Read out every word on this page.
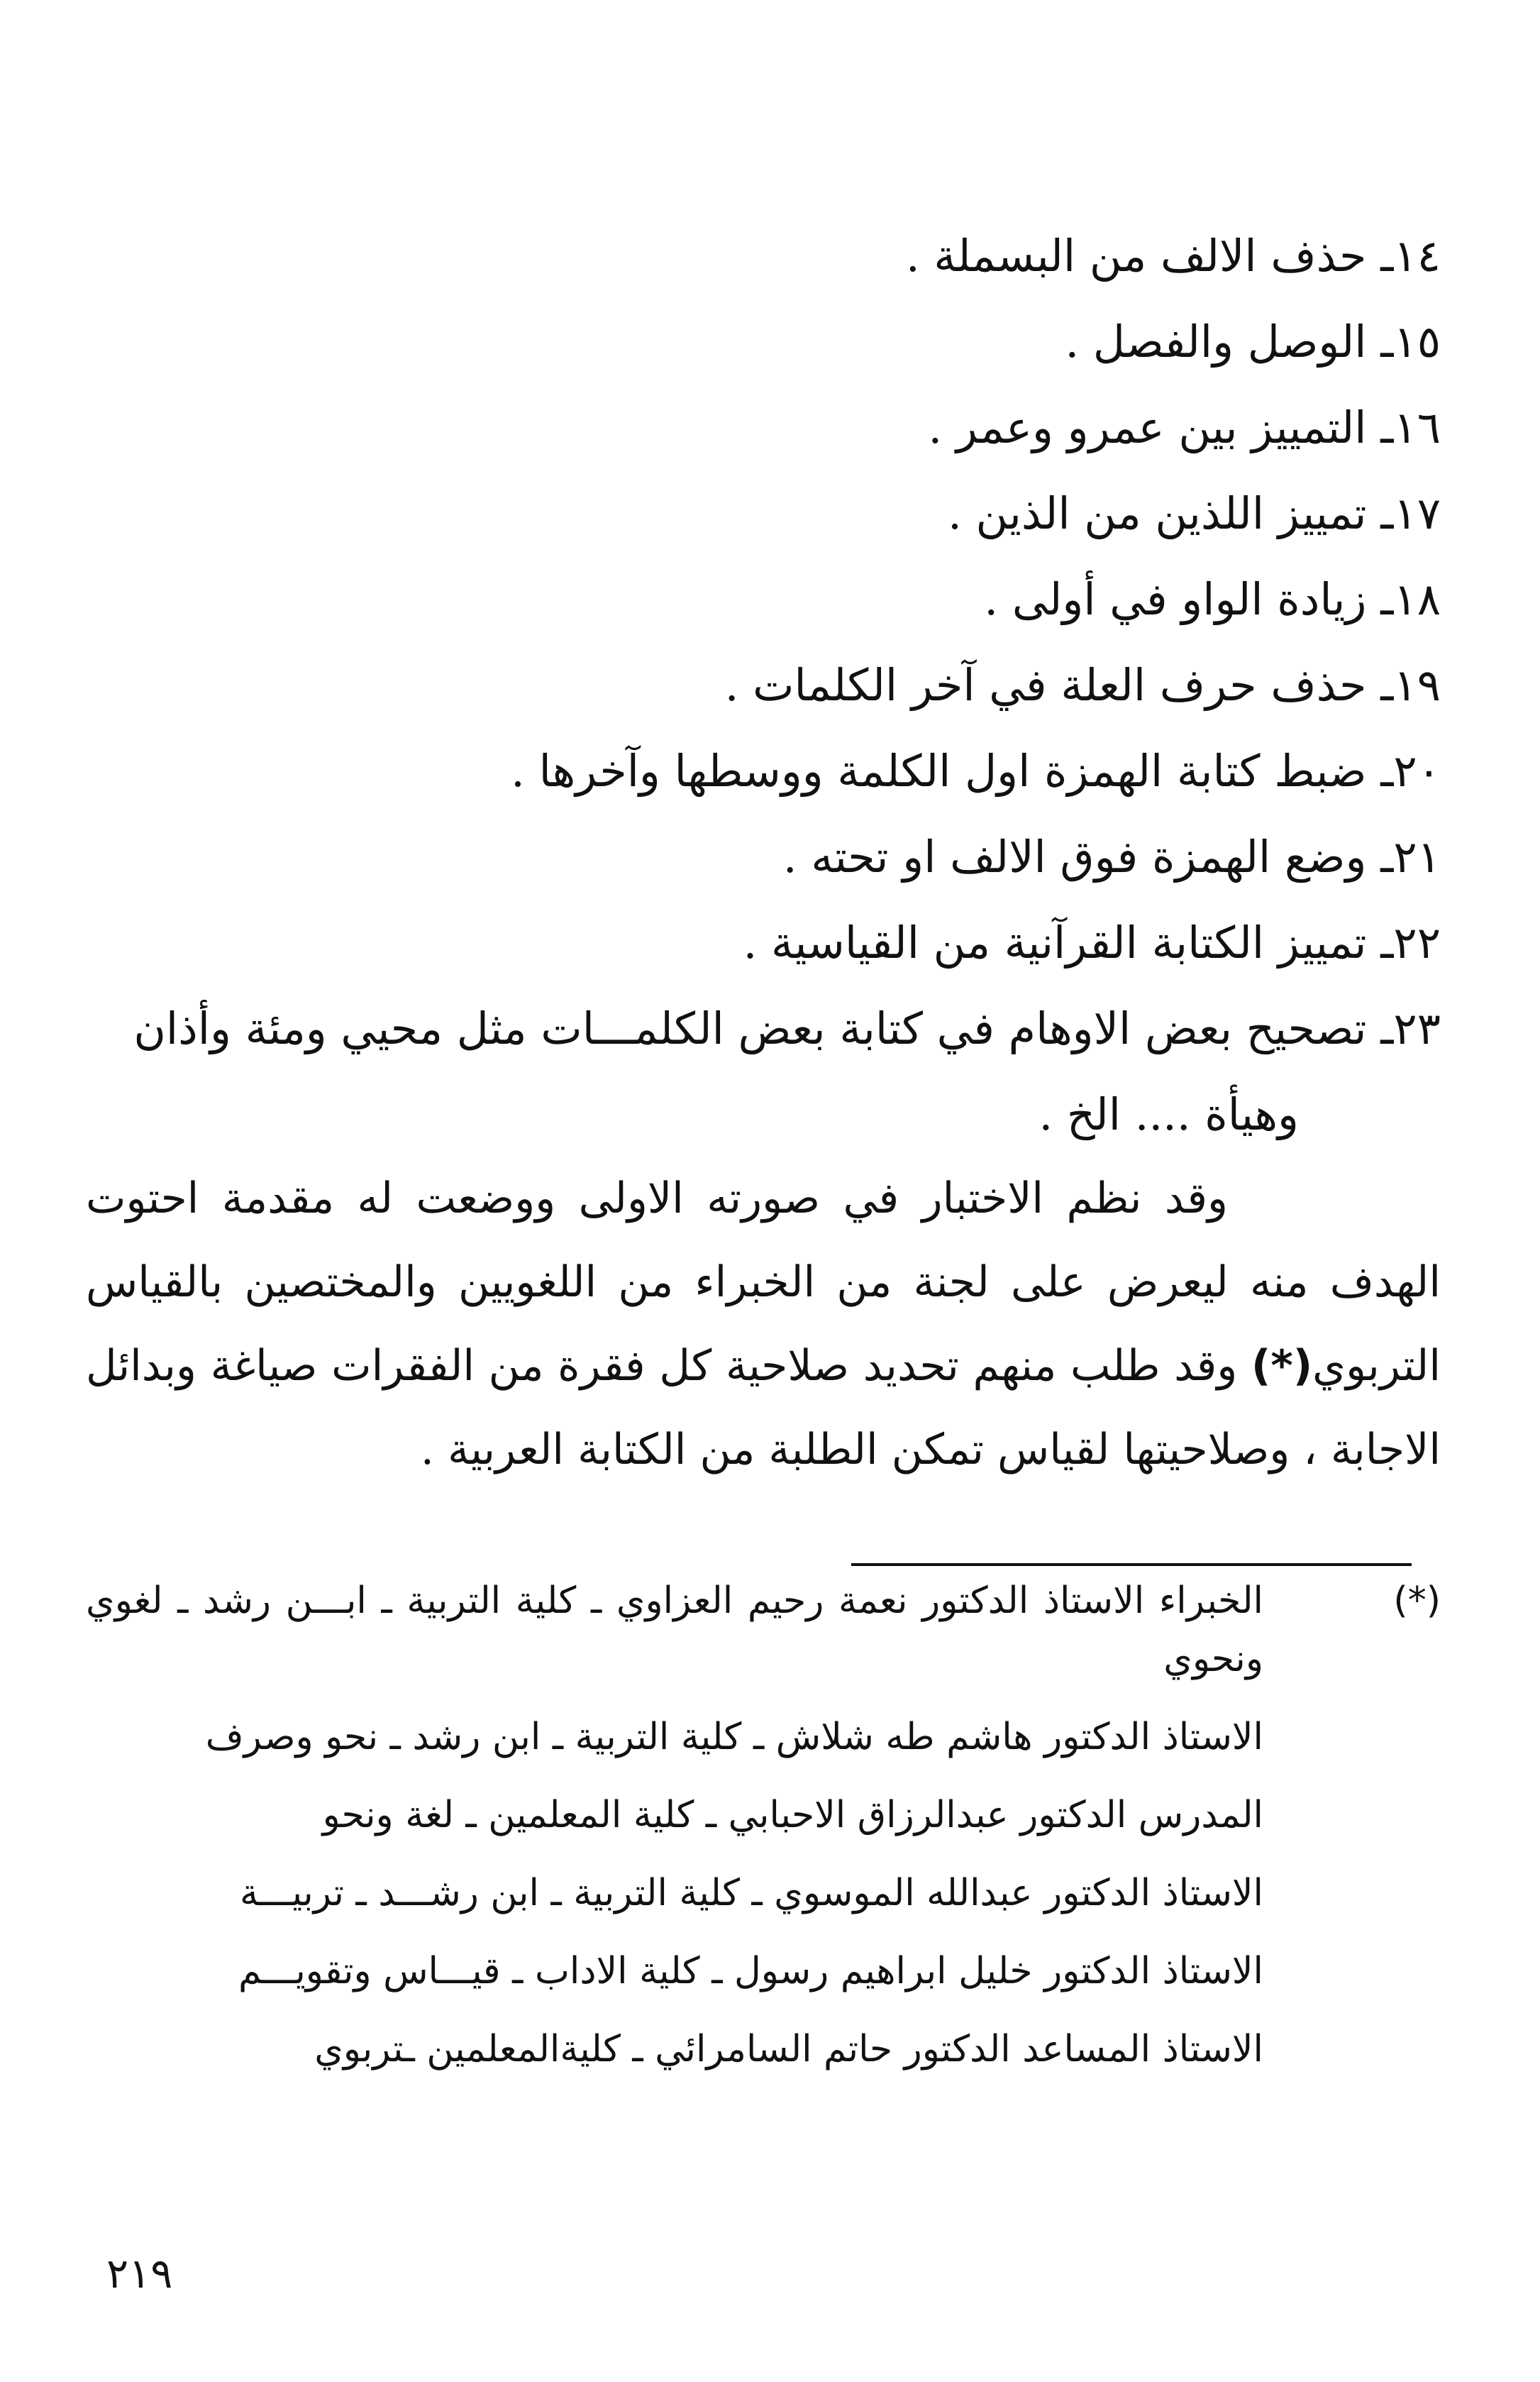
١٤ـ حذف الالف من البسملة .
١٥ـ الوصل والفصل .
١٦ـ التمييز بين عمرو وعمر .
١٧ـ تمييز اللذين من الذين .
١٨ـ زيادة الواو في أولى .
١٩ـ حذف حرف العلة في آخر الكلمات .
٢٠ـ ضبط كتابة الهمزة اول الكلمة ووسطها وآخرها .
٢١ـ وضع الهمزة فوق الالف او تحته .
٢٢ـ تمييز الكتابة القرآنية من القياسية .
٢٣ـ تصحيح بعض الاوهام في كتابة بعض الكلمـــات مثل محيي ومئة وأذان
وهيأة .... الخ .

وقد نظم الاختبار في صورته الاولى ووضعت له مقدمة احتوت الهدف منه ليعرض على لجنة من الخبراء من اللغويين والمختصين بالقياس التربوي(*) وقد طلب منهم تحديد صلاحية كل فقرة من الفقرات صياغة وبدائل الاجابة ، وصلاحيتها لقياس تمكن الطلبة من الكتابة العربية .

(*)
الخبراء الاستاذ الدكتور نعمة رحيم العزاوي ـ كلية التربية ـ ابـــن رشد ـ لغوي ونحوي
الاستاذ الدكتور هاشم طه شلاش ـ كلية التربية ـ ابن رشد ـ نحو وصرف
المدرس الدكتور عبدالرزاق الاحبابي ـ كلية المعلمين ـ لغة ونحو
الاستاذ الدكتور عبدالله الموسوي ـ كلية التربية ـ ابن رشـــد ـ تربيـــة
الاستاذ الدكتور خليل ابراهيم رسول ـ كلية الاداب ـ قيـــاس وتقويـــم
الاستاذ المساعد الدكتور حاتم السامرائي ـ كليةالمعلمين ـتربوي
٢١٩
